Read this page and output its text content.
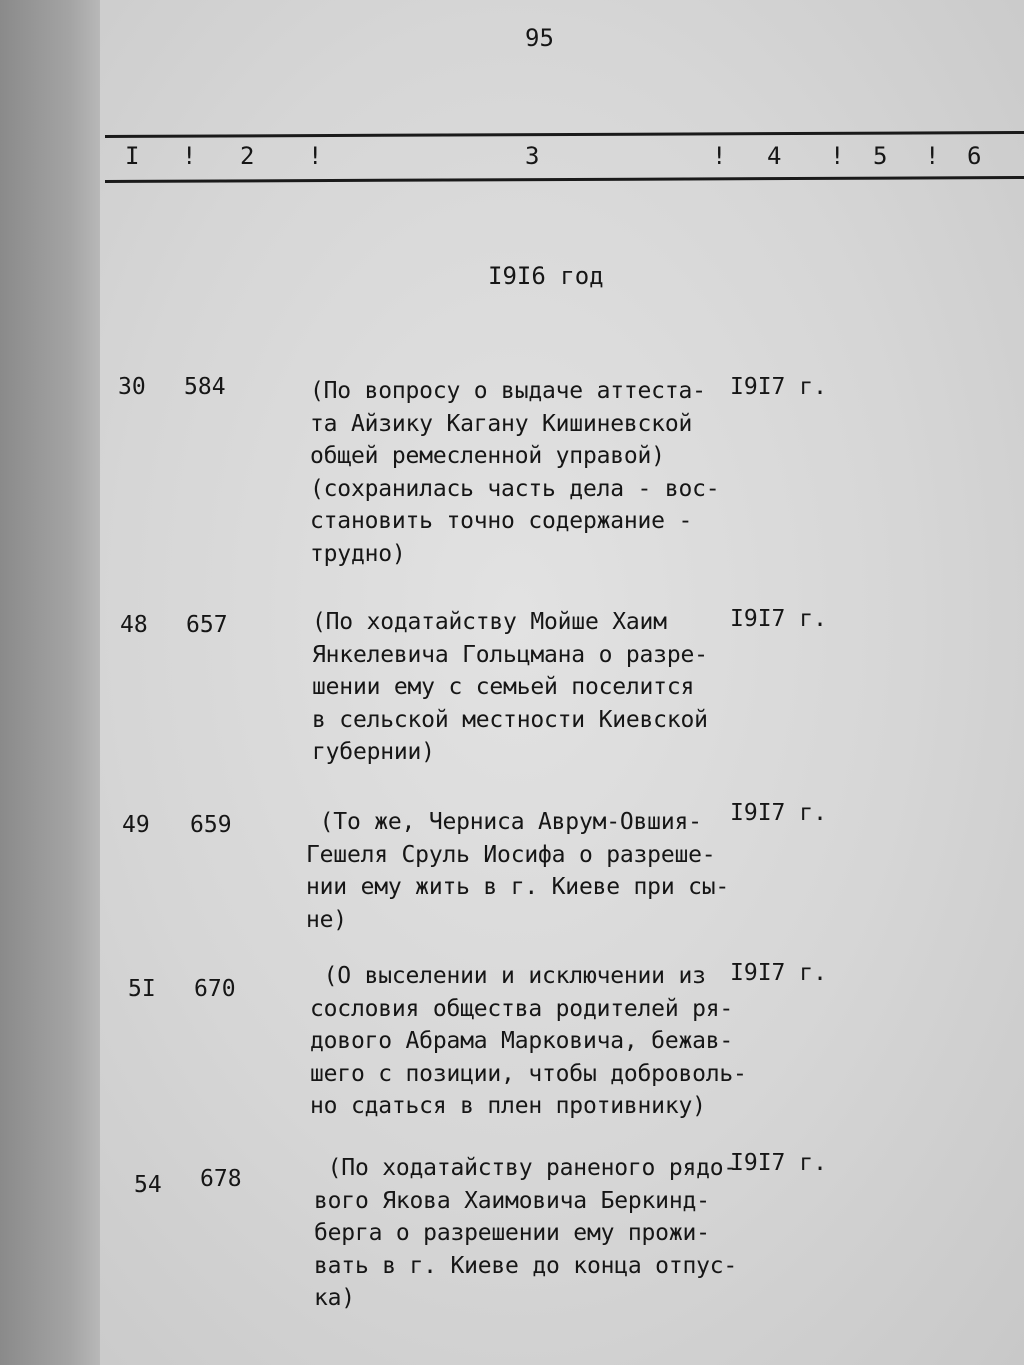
95
I ! 2 !	3	! 4 ! 5 ! 6
I9I6 год
30 584	(По вопросу о выдаче аттеста-
та Айзику Кагану Кишиневской
общей ремесленной управой)
(сохранилась часть дела - вос-
становить точно содержание -
трудно)
I9I7 г.
48 657	(По ходатайству Мойше Хаим
Янкелевича Гольцмана о разре-
шении ему с семьей поселится
в сельской местности Киевской
губернии)
I9I7 г.
49 659	(То же, Черниса Аврум-Овшия-
Гешеля Сруль Иосифа о разреше-
нии ему жить в г. Киеве при сы-
не)
I9I7 г.
5I 670	(О выселении и исключении из
сословия общества родителей ря-
дового Абрама Марковича, бежав-
шего с позиции, чтобы доброволь-
но сдаться в плен противнику)
I9I7 г.
54 678	(По ходатайству раненого рядо-
вого Якова Хаимовича Беркинд-
берга о разрешении ему прожи-
вать в г. Киеве до конца отпус-
ка)
I9I7 г.
